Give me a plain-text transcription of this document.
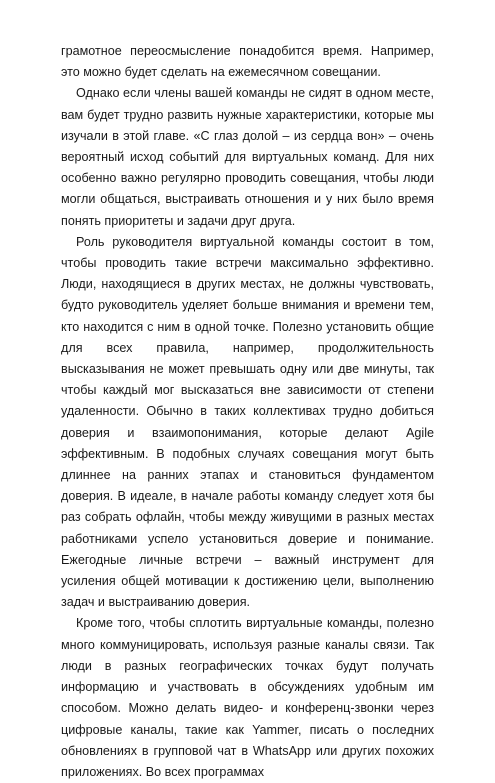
грамотное переосмысление понадобится время. Например, это можно будет сделать на ежемесячном совещании.

Однако если члены вашей команды не сидят в одном месте, вам будет трудно развить нужные характеристики, которые мы изучали в этой главе. «С глаз долой – из сердца вон» – очень вероятный исход событий для виртуальных команд. Для них особенно важно регулярно проводить совещания, чтобы люди могли общаться, выстраивать отношения и у них было время понять приоритеты и задачи друг друга.

Роль руководителя виртуальной команды состоит в том, чтобы проводить такие встречи максимально эффективно. Люди, находящиеся в других местах, не должны чувствовать, будто руководитель уделяет больше внимания и времени тем, кто находится с ним в одной точке. Полезно установить общие для всех правила, например, продолжительность высказывания не может превышать одну или две минуты, так чтобы каждый мог высказаться вне зависимости от степени удаленности. Обычно в таких коллективах трудно добиться доверия и взаимопонимания, которые делают Agile эффективным. В подобных случаях совещания могут быть длиннее на ранних этапах и становиться фундаментом доверия. В идеале, в начале работы команду следует хотя бы раз собрать офлайн, чтобы между живущими в разных местах работниками успело установиться доверие и понимание. Ежегодные личные встречи – важный инструмент для усиления общей мотивации к достижению цели, выполнению задач и выстраиванию доверия.

Кроме того, чтобы сплотить виртуальные команды, полезно много коммуницировать, используя разные каналы связи. Так люди в разных географических точках будут получать информацию и участвовать в обсуждениях удобным им способом. Можно делать видео- и конференц-звонки через цифровые каналы, такие как Yammer, писать о последних обновлениях в групповой чат в WhatsApp или других похожих приложениях. Во всех программах
